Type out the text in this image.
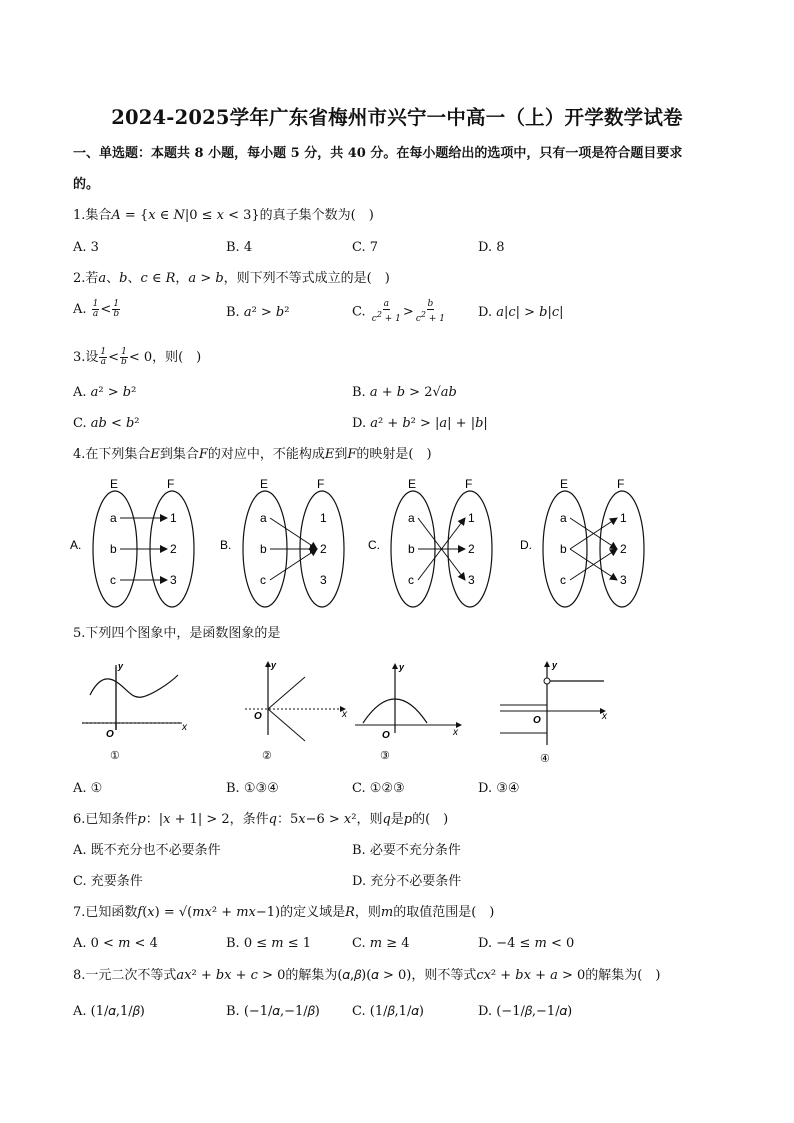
2024-2025学年广东省梅州市兴宁一中高一（上）开学数学试卷
一、单选题：本题共 8 小题，每小题 5 分，共 40 分。在每小题给出的选项中，只有一项是符合题目要求
的。
1.集合𝐴 = {𝑥 ∈ 𝑁|0 ≤ 𝑥 < 3}的真子集个数为(　)
A. 3	B. 4	C. 7	D. 8
2.若𝑎、𝑏、𝑐 ∈ 𝑅，𝑎 > 𝑏，则下列不等式成立的是(　)
A. $\frac{1}{a} < \frac{1}{b}$	B. 𝑎² > 𝑏²	C. $\frac{a}{c^2 + 1} > \frac{b}{c^2 + 1} D$. 𝑎|𝑐| > 𝑏|𝑐|
3.设 $\frac{1}{a} < \frac{1}{b} < 0$，则(　)
A. 𝑎² > 𝑏²	B. 𝑎 + 𝑏 > 2√𝑎𝑏
C. 𝑎𝑏 < 𝑏²	D. 𝑎² + 𝑏² > |𝑎| + |𝑏|
4.在下列集合𝐸到集合𝐹的对应中，不能构成𝐸到𝐹的映射是(　)
A.
E	F
a	1
b	2
c	3
B.
E	F
a	1
b	2
c	3
C.
E	F
a	1
b	2
c	3
D.
E	F
a	1
b	2
c	3
5.下列四个图象中，是函数图象的是
x
y
O
①
x
y
O
②
x
y
O
③
x
y
O
④
A. ①	B. ①③④	C. ①②③	D. ③④
6.已知条件𝑝：|𝑥 + 1| > 2，条件𝑞：5𝑥−6 > 𝑥²，则𝑞是𝑝的(　)
A. 既不充分也不必要条件	B. 必要不充分条件
C. 充要条件	D. 充分不必要条件
7.已知函数𝑓(𝑥) = √(𝑚𝑥² + 𝑚𝑥−1)的定义域是𝑅，则𝑚的取值范围是(　)
A. 0 < 𝑚 < 4	B. 0 ≤ 𝑚 ≤ 1	C. 𝑚 ≥ 4	D. −4 ≤ 𝑚 < 0
8.一元二次不等式𝑎𝑥² + 𝑏𝑥 + 𝑐 > 0的解集为(𝛼,𝛽)(𝛼 > 0)，则不等式𝑐𝑥² + 𝑏𝑥 + 𝑎 > 0的解集为(　)
A. (1/𝛼,1/𝛽)	B. (−1/𝛼,−1/𝛽) C. (1/𝛽,1/𝛼)	D. (−1/𝛽,−1/𝛼)
